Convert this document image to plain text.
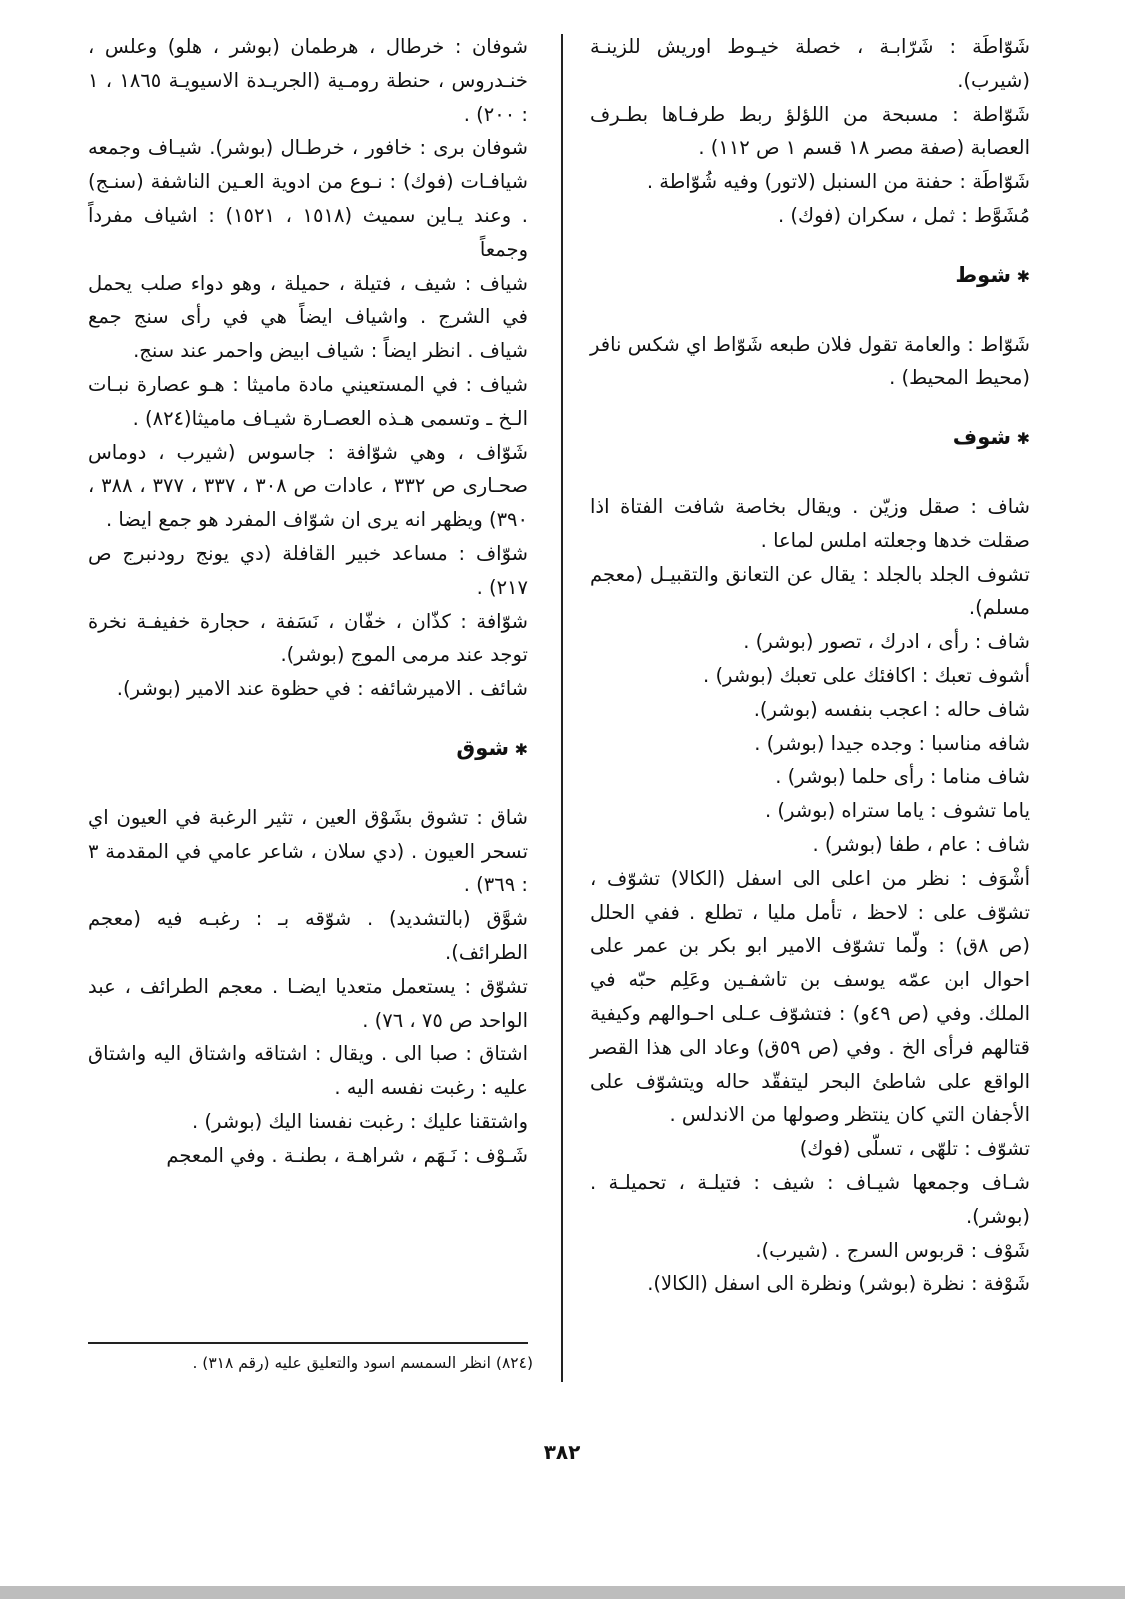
شَوّاطَة : شَرّابـة ، خصلة خيـوط اوريش للزينـة (شيرب).

شَوّاطة : مسبحة من اللؤلؤ ربط طرفـاها بطـرف العصابة (صفة مصر ١٨ قسم ١ ص ١١٢) .

شَوّاطَة : حفنة من السنبل (لاتور) وفيه شُوّاطة .

مُشَوَّط : ثمل ، سكران (فوك) .

✱ شوط

شَوّاط : والعامة تقول فلان طبعه شَوّاط اي شكس نافر (محيط المحيط) .

✱ شوف

شاف : صقل وزيّن . ويقال بخاصة شافت الفتاة اذا صقلت خدها وجعلته املس لماعا .

تشوف الجلد بالجلد : يقال عن التعانق والتقبيـل (معجم مسلم).

شاف : رأى ، ادرك ، تصور (بوشر) .

أشوف تعبك : اكافئك على تعبك (بوشر) .

شاف حاله : اعجب بنفسه (بوشر).

شافه مناسبا : وجده جيدا (بوشر) .

شاف مناما : رأى حلما (بوشر) .

ياما تشوف : ياما ستراه (بوشر) .

شاف : عام ، طفا (بوشر) .

أشْوَف : نظر من اعلى الى اسفل (الكالا) تشوّف ، تشوّف على : لاحظ ، تأمل مليا ، تطلع . ففي الحلل (ص ٨ق) : ولّما تشوّف الامير ابو بكر بن عمر على احوال ابن عمّه يوسف بن تاشفـين وعَلِم حبّه في الملك. وفي (ص ٤٩و) : فتشوّف عـلى احـوالهم وكيفية قتالهم فرأى الخ . وفي (ص ٥٩ق) وعاد الى هذا القصر الواقع على شاطئ البحر ليتفقّد حاله ويتشوّف على الأجفان التي كان ينتظر وصولها من الاندلس .

تشوّف : تلهّى ، تسلّى (فوك)

شـاف وجمعها شيـاف : شيف : فتيلـة ، تحميلـة . (بوشر).

شَوْف : قربوس السرج . (شيرب).

شَوْفة : نظرة (بوشر) ونظرة الى اسفل (الكالا).

شوفان : خرطال ، هرطمان (بوشر ، هلو) وعلس ، خنـدروس ، حنطة رومـية (الجريـدة الاسيويـة ١٨٦٥ ، ١ : ٢٠٠) .

شوفان برى : خافور ، خرطـال (بوشر). شيـاف وجمعه شيافـات (فوك) : نـوع من ادوية العـين الناشفة (سنـج) . وعند يـاين سميث (١٥١٨ ، ١٥٢١) : اشياف مفرداً وجمعاً

شياف : شيف ، فتيلة ، حميلة ، وهو دواء صلب يحمل في الشرج . واشياف ايضاً هي في رأى سنج جمع شياف . انظر ايضاً : شياف ابيض واحمر عند سنج.

شياف : في المستعيني مادة ماميثا : هـو عصارة نبـات الـخ ـ وتسمى هـذه العصـارة شيـاف ماميثا(٨٢٤) .

شَوّاف ، وهي شوّافة : جاسوس (شيرب ، دوماس صحـارى ص ٣٣٢ ، عادات ص ٣٠٨ ، ٣٣٧ ، ٣٧٧ ، ٣٨٨ ، ٣٩٠) ويظهر انه يرى ان شوّاف المفرد هو جمع ايضا .

شوّاف : مساعد خبير القافلة (دي يونج رودنبرج ص ٢١٧) .

شوّافة : كذّان ، خفّان ، نَسَفة ، حجارة خفيفـة نخرة توجد عند مرمى الموج (بوشر).

شائف . الاميرشائفه : في حظوة عند الامير (بوشر).

✱ شوق

شاق : تشوق بشَوْق العين ، تثير الرغبة في العيون اي تسحر العيون . (دي سلان ، شاعر عامي في المقدمة ٣ : ٣٦٩) .

شوَّق (بالتشديد) . شوّقه بـ : رغبـه فيه (معجم الطرائف).

تشوّق : يستعمل متعديا ايضـا . معجم الطرائف ، عبد الواحد ص ٧٥ ، ٧٦) .

اشتاق : صبا الى . ويقال : اشتاقه واشتاق اليه واشتاق عليه : رغبت نفسه اليه .

واشتقنا عليك : رغبت نفسنا اليك (بوشر) .

شَـوْف : نَـهَم ، شراهـة ، بطنـة . وفي المعجم

(٨٢٤) انظر السمسم اسود والتعليق عليه (رقم ٣١٨) .
٣٨٢
